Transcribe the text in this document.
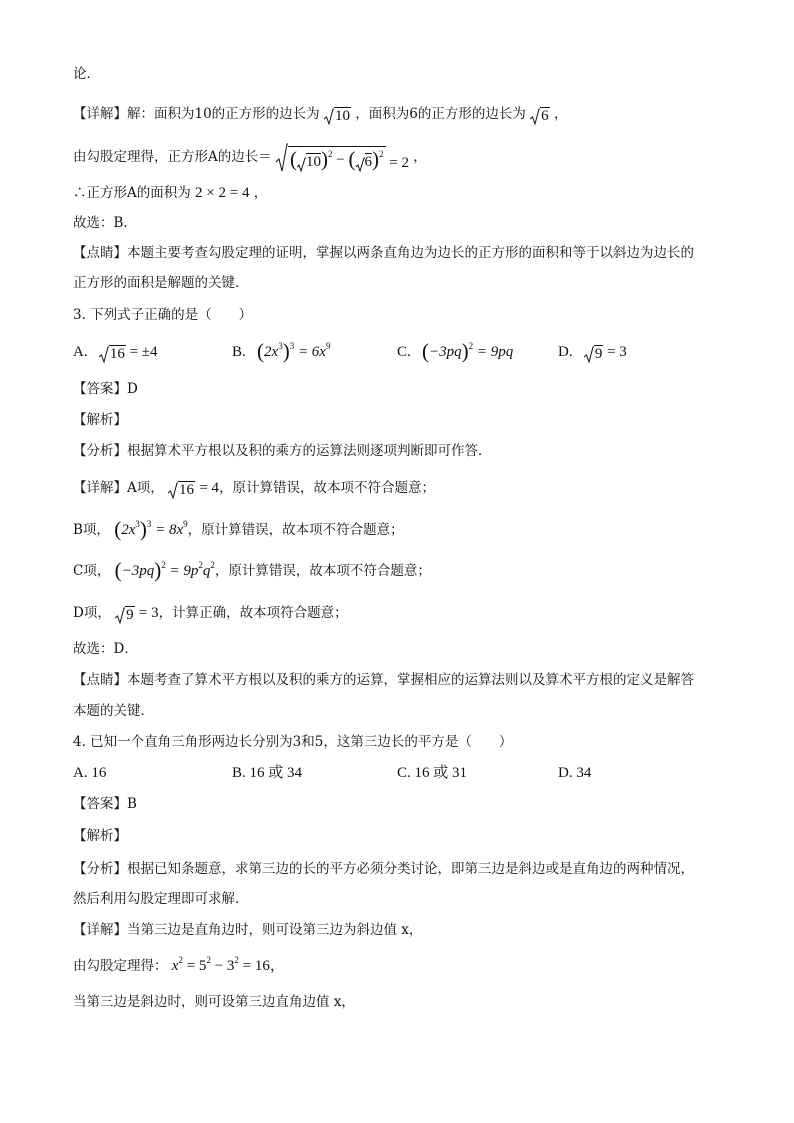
论．
【详解】解：面积为10的正方形的边长为 10 ，面积为6的正方形的边长为 6 ，
由勾股定理得，正方形A的边长＝ ( 10)$^2$ − ( 6)$^2$ = 2 ，
∴正方形A的面积为 2 × 2 = 4 ，
故选：B．
【点睛】本题主要考查勾股定理的证明，掌握以两条直角边为边长的正方形的面积和等于以斜边为边长的
正方形的面积是解题的关键．
3. 下列式子正确的是（　　）
A. 16 = ±4	B. $(2x^3)^3 = 6x^9$	C. $(-3pq)^2 = 9pq$	D. 9 = 3
【答案】D
【解析】
【分析】根据算术平方根以及积的乘方的运算法则逐项判断即可作答．
【详解】A项， 16 = 4，原计算错误，故本项不符合题意；
B项， $(2x^3)^3 = 8x^9$，原计算错误，故本项不符合题意；
C项， $(-3pq)^2 = 9p^2q^2$，原计算错误，故本项不符合题意；
D项， 9 = 3，计算正确，故本项符合题意；
故选：D．
【点睛】本题考查了算术平方根以及积的乘方的运算，掌握相应的运算法则以及算术平方根的定义是解答
本题的关键．
4. 已知一个直角三角形两边长分别为3和5，这第三边长的平方是（　　）
A. 16	B. 16 或 34	C. 16 或 31	D. 34
【答案】B
【解析】
【分析】根据已知条题意，求第三边的长的平方必须分类讨论，即第三边是斜边或是直角边的两种情况，
然后利用勾股定理即可求解．
【详解】当第三边是直角边时，则可设第三边为斜边值 x，
由勾股定理得： $x^2 = 5^2 - 3^2 = 16$，
当第三边是斜边时，则可设第三边直角边值 x，
